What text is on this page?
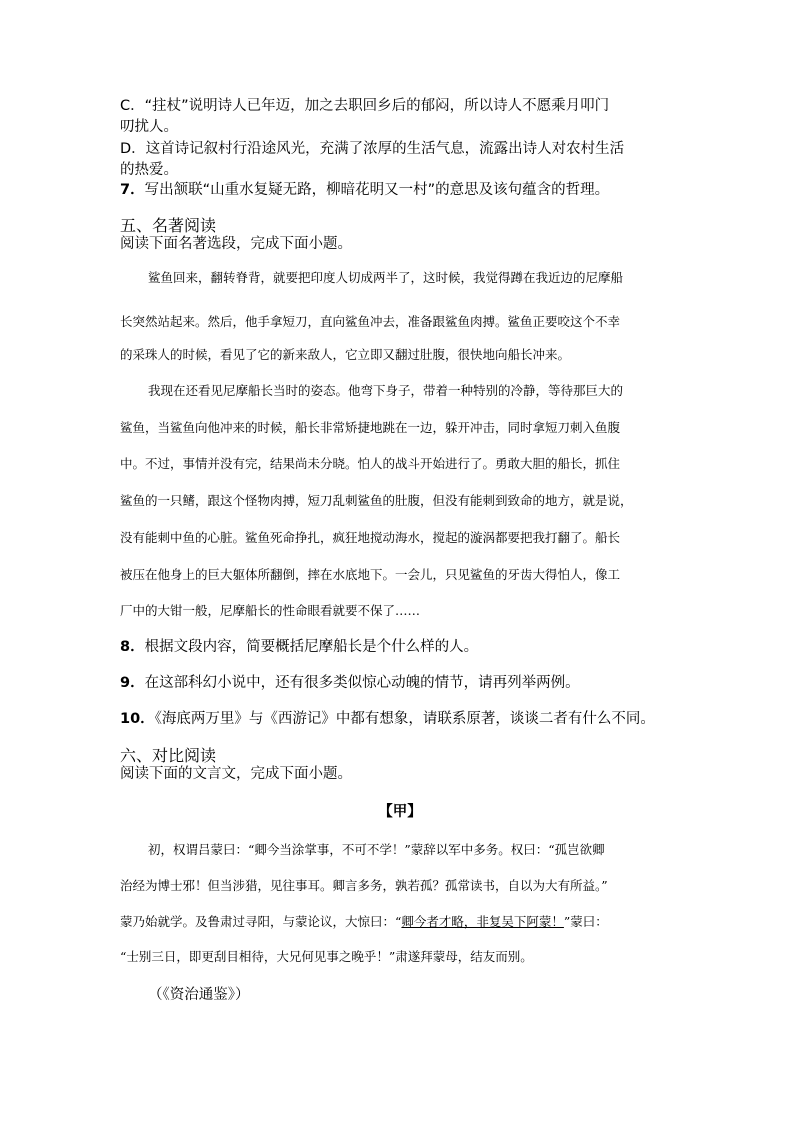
C．“拄杖”说明诗人已年迈，加之去职回乡后的郁闷，所以诗人不愿乘月叩门
叨扰人。
D．这首诗记叙村行沿途风光，充满了浓厚的生活气息，流露出诗人对农村生活
的热爱。
7．写出颔联“山重水复疑无路，柳暗花明又一村”的意思及该句蕴含的哲理。
五、名著阅读
阅读下面名著选段，完成下面小题。
鲨鱼回来，翻转脊背，就要把印度人切成两半了，这时候，我觉得蹲在我近边的尼摩船
长突然站起来。然后，他手拿短刀，直向鲨鱼冲去，准备跟鲨鱼肉搏。鲨鱼正要咬这个不幸
的采珠人的时候，看见了它的新来敌人，它立即又翻过肚腹，很快地向船长冲来。
我现在还看见尼摩船长当时的姿态。他弯下身子，带着一种特别的冷静，等待那巨大的
鲨鱼，当鲨鱼向他冲来的时候，船长非常矫捷地跳在一边，躲开冲击，同时拿短刀刺入鱼腹
中。不过，事情并没有完，结果尚未分晓。怕人的战斗开始进行了。勇敢大胆的船长，抓住
鲨鱼的一只鳍，跟这个怪物肉搏，短刀乱刺鲨鱼的肚腹，但没有能刺到致命的地方，就是说，
没有能刺中鱼的心脏。鲨鱼死命挣扎，疯狂地搅动海水，搅起的漩涡都要把我打翻了。船长
被压在他身上的巨大躯体所翻倒，摔在水底地下。一会儿，只见鲨鱼的牙齿大得怕人，像工
厂中的大钳一般，尼摩船长的性命眼看就要不保了……
8．根据文段内容，简要概括尼摩船长是个什么样的人。
9．在这部科幻小说中，还有很多类似惊心动魄的情节，请再列举两例。
10．《海底两万里》与《西游记》中都有想象，请联系原著，谈谈二者有什么不同。
六、对比阅读
阅读下面的文言文，完成下面小题。
【甲】
初，权谓吕蒙曰：“卿今当涂掌事，不可不学！”蒙辞以军中多务。权曰：“孤岂欲卿
治经为博士邪！但当涉猎，见往事耳。卿言多务，孰若孤？孤常读书，自以为大有所益。”
蒙乃始就学。及鲁肃过寻阳，与蒙论议，大惊曰：“卿今者才略，非复吴下阿蒙！”蒙曰：
“士别三日，即更刮目相待，大兄何见事之晚乎！”肃遂拜蒙母，结友而别。
（《资治通鉴》）
